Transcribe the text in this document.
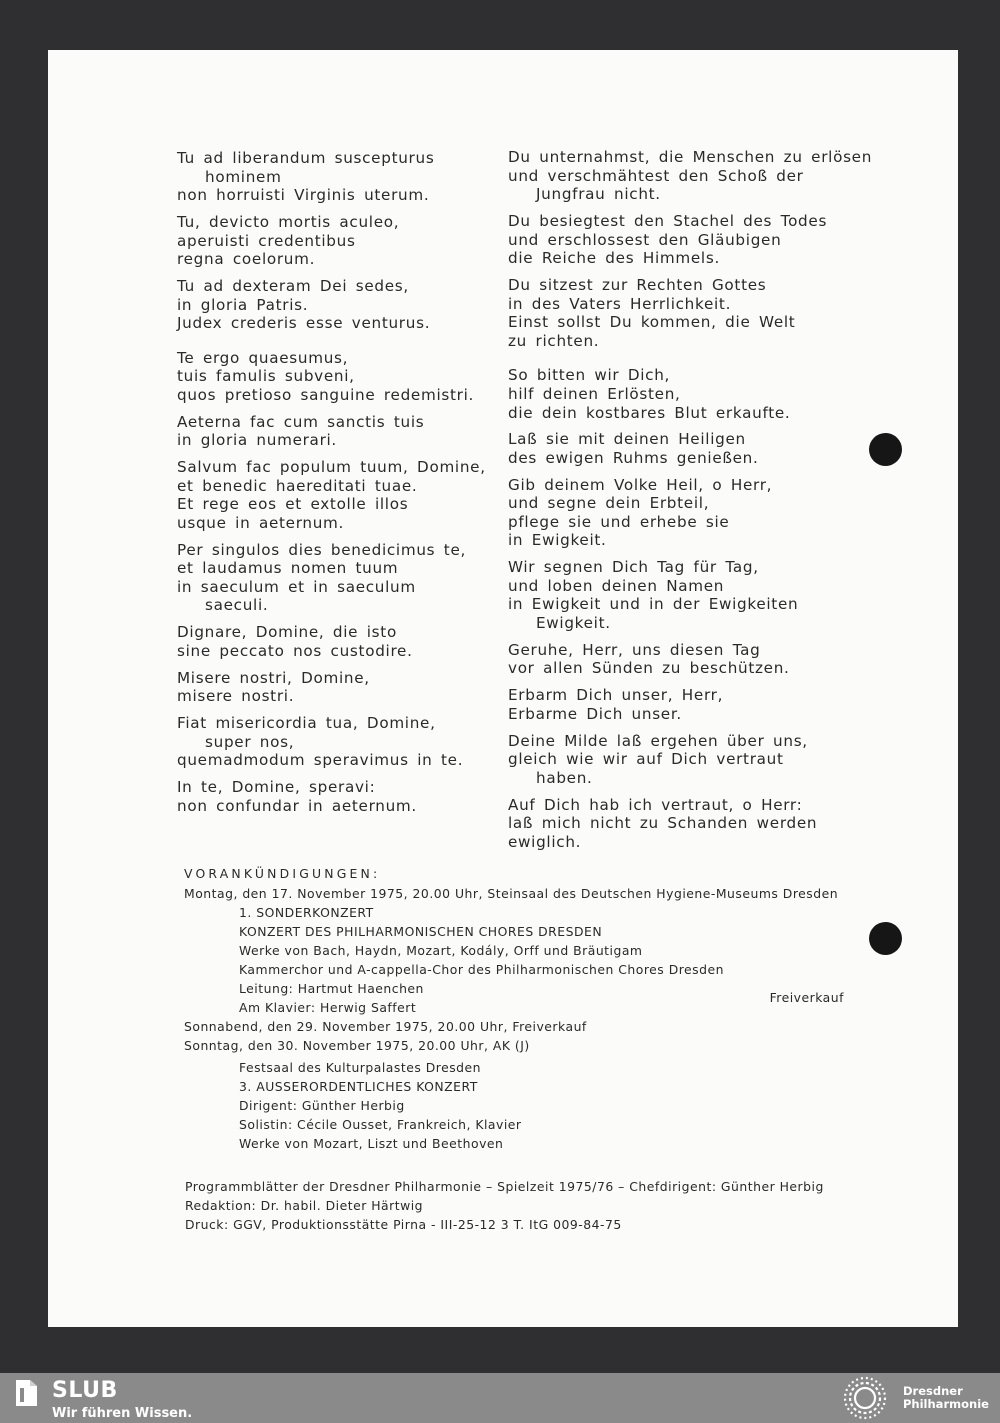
Tu ad liberandum suscepturus
hominem
non horruisti Virginis uterum.
Tu, devicto mortis aculeo,
aperuisti credentibus
regna coelorum.
Tu ad dexteram Dei sedes,
in gloria Patris.
Judex crederis esse venturus.
Te ergo quaesumus,
tuis famulis subveni,
quos pretioso sanguine redemistri.
Aeterna fac cum sanctis tuis
in gloria numerari.
Salvum fac populum tuum, Domine,
et benedic haereditati tuae.
Et rege eos et extolle illos
usque in aeternum.
Per singulos dies benedicimus te,
et laudamus nomen tuum
in saeculum et in saeculum
saeculi.
Dignare, Domine, die isto
sine peccato nos custodire.
Misere nostri, Domine,
misere nostri.
Fiat misericordia tua, Domine,
super nos,
quemadmodum speravimus in te.
In te, Domine, speravi:
non confundar in aeternum.
Du unternahmst, die Menschen zu erlösen
und verschmähtest den Schoß der
Jungfrau nicht.
Du besiegtest den Stachel des Todes
und erschlossest den Gläubigen
die Reiche des Himmels.
Du sitzest zur Rechten Gottes
in des Vaters Herrlichkeit.
Einst sollst Du kommen, die Welt
zu richten.
So bitten wir Dich,
hilf deinen Erlösten,
die dein kostbares Blut erkaufte.
Laß sie mit deinen Heiligen
des ewigen Ruhms genießen.
Gib deinem Volke Heil, o Herr,
und segne dein Erbteil,
pflege sie und erhebe sie
in Ewigkeit.
Wir segnen Dich Tag für Tag,
und loben deinen Namen
in Ewigkeit und in der Ewigkeiten
Ewigkeit.
Geruhe, Herr, uns diesen Tag
vor allen Sünden zu beschützen.
Erbarm Dich unser, Herr,
Erbarme Dich unser.
Deine Milde laß ergehen über uns,
gleich wie wir auf Dich vertraut
haben.
Auf Dich hab ich vertraut, o Herr:
laß mich nicht zu Schanden werden
ewiglich.
VORANKÜNDIGUNGEN:
Montag, den 17. November 1975, 20.00 Uhr, Steinsaal des Deutschen Hygiene-Museums Dresden
1. SONDERKONZERT
KONZERT DES PHILHARMONISCHEN CHORES DRESDEN
Werke von Bach, Haydn, Mozart, Kodály, Orff und Bräutigam
Kammerchor und A-cappella-Chor des Philharmonischen Chores Dresden
Leitung: Hartmut Haenchen
Am Klavier: Herwig Saffert
Freiverkauf
Sonnabend, den 29. November 1975, 20.00 Uhr, Freiverkauf
Sonntag, den 30. November 1975, 20.00 Uhr, AK (J)
Festsaal des Kulturpalastes Dresden
3. AUSSERORDENTLICHES KONZERT
Dirigent: Günther Herbig
Solistin: Cécile Ousset, Frankreich, Klavier
Werke von Mozart, Liszt und Beethoven
Programmblätter der Dresdner Philharmonie – Spielzeit 1975/76 – Chefdirigent: Günther Herbig
Redaktion: Dr. habil. Dieter Härtwig
Druck: GGV, Produktionsstätte Pirna - III-25-12 3 T. ItG 009-84-75
SLUB
Wir führen Wissen.
Dresdner
Philharmonie
